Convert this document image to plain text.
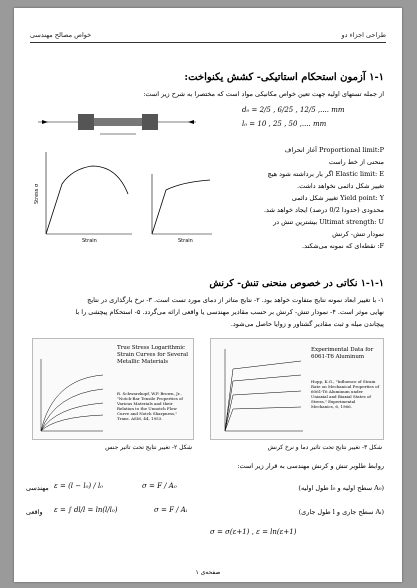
خواص مصالح مهندسی	طراحی اجزاء دو
۱-۱ آزمون استحکام استاتیکی- کشش یکنواخت:
از جمله تستهای اولیه جهت تعین خواص مکانیکی مواد است که مختصرا به شرح زیر است:
d₀ = 2/5 , 6/25 , 12/5 ,.... mm
l₀ = 10 , 25 , 50 ,.... mm
Stress σ
Strain	Strain
Proportional limit:P آغاز انحراف
منحنی از خط راست
Elastic limit: E اگر بار برداشته شود هیچ
تغییر شکل دائمی نخواهد داشت.
Yield point: Y تغییر شکل دائمی
محدودی (حدودا 0/2 درصد) ایجاد خواهد شد.
Ultimat strength: U بیشترین تنش در
نمودار تنش- کرنش
F: نقطه‌ای که نمونه می‌شکند.
۱-۱-۱ نکاتی در خصوص منحنی تنش- کرنش
۱- با تغییر ابعاد نمونه نتایج متفاوت خواهد بود. ۲- نتایج متاثر از دمای مورد تست است. ۳- نرخ بارگذاری در نتایج
نهایی موثر است. ۴- نمودار تنش- کرنش بر حسب مقادیر مهندسی یا واقعی ارائه می‌گردد. ۵- استحکام پیچشی را با
پیچاندن میله و ثبت مقادیر گشتاور و زوایا حاصل می‌شود.
True Stress Logarithmic Strain Curves for Several Metallic Materials
R. Schwarzkopf, W.P. Brown, Jr., "Notch-Bar Tensile Properties of Various Materials and their Relation to the Unnotch Flow Curve and Notch Sharpness," Trans. ASM, 44, 1953.
Experimental Data for 6061-T6 Aluminum
Hopp, K.G., "Influence of Strain Rate on Mechanical Properties of 6061-T6 Aluminum under Uniaxial and Biaxial States of Stress," Experimental Mechanics, 6, 1966.
شکل ۲- تغییر نتایج تحت تاثیر جنس	شکل ۳- تغییر نتایج تحت تاثیر دما و نرخ کرنش
روابط طلوبر تنش و کرنش مهندسی به قرار زیر است:
ε = (l − l₀) / l₀	σ = F / A₀
مهندسی	(A₀ سطح اولیه و l₀ طول اولیه)
ε = ∫ dl/l = ln(l/l₀)	σ = F / Aᵢ
واقعی	(Aᵢ سطح جاری و l طول جاری)
σ = σ(ε+1) , ε = ln(ε+1)
صفحه‌ی ۱
